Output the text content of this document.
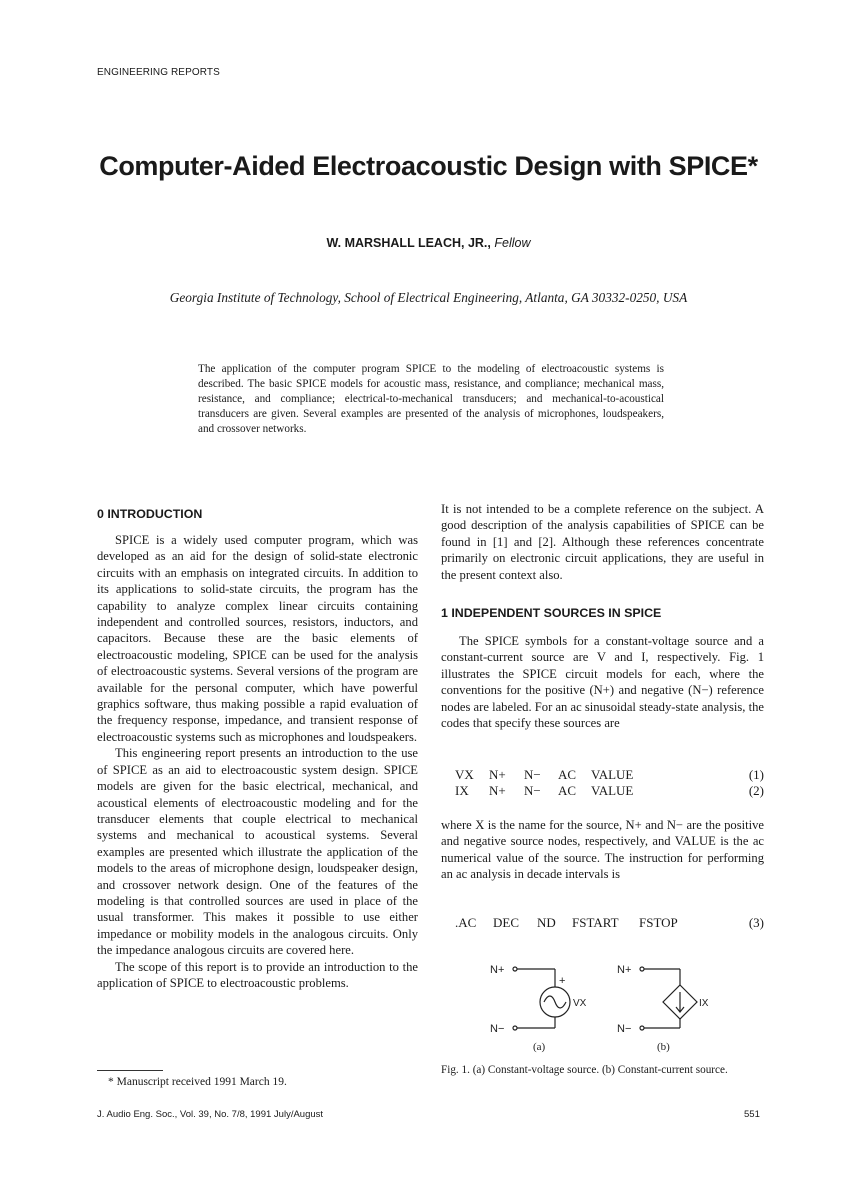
ENGINEERING REPORTS
Computer-Aided Electroacoustic Design with SPICE*
W. MARSHALL LEACH, JR., Fellow
Georgia Institute of Technology, School of Electrical Engineering, Atlanta, GA 30332-0250, USA
The application of the computer program SPICE to the modeling of electroacoustic systems is described. The basic SPICE models for acoustic mass, resistance, and compliance; mechanical mass, resistance, and compliance; electrical-to-mechanical transducers; and mechanical-to-acoustical transducers are given. Several examples are presented of the analysis of microphones, loudspeakers, and crossover networks.
0 INTRODUCTION

SPICE is a widely used computer program, which was developed as an aid for the design of solid-state electronic circuits with an emphasis on integrated circuits. In addition to its applications to solid-state circuits, the program has the capability to analyze complex linear circuits containing independent and controlled sources, resistors, inductors, and capacitors. Because these are the basic elements of electroacoustic modeling, SPICE can be used for the analysis of electroacoustic systems. Several versions of the program are available for the personal computer, which have powerful graphics software, thus making possible a rapid evaluation of the frequency response, impedance, and transient response of electroacoustic systems such as microphones and loudspeakers.

This engineering report presents an introduction to the use of SPICE as an aid to electroacoustic system design. SPICE models are given for the basic electrical, mechanical, and acoustical elements of electroacoustic modeling and for the transducer elements that couple electrical to mechanical systems and mechanical to acoustical systems. Several examples are presented which illustrate the application of the models to the areas of microphone design, loudspeaker design, and crossover network design. One of the features of the modeling is that controlled sources are used in place of the usual transformer. This makes it possible to use either impedance or mobility models in the analogous circuits. Only the impedance analogous circuits are covered here.

The scope of this report is to provide an introduction to the application of SPICE to electroacoustic problems.

* Manuscript received 1991 March 19.

It is not intended to be a complete reference on the subject. A good description of the analysis capabilities of SPICE can be found in [1] and [2]. Although these references concentrate primarily on electronic circuit applications, they are useful in the present context also.

1 INDEPENDENT SOURCES IN SPICE

The SPICE symbols for a constant-voltage source and a constant-current source are V and I, respectively. Fig. 1 illustrates the SPICE circuit models for each, where the conventions for the positive (N+) and negative (N−) reference nodes are labeled. For an ac sinusoidal steady-state analysis, the codes that specify these sources are

VX	N+	N−	AC	VALUE	(1)
IX	N+	N−	AC	VALUE	(2)

where X is the name for the source, N+ and N− are the positive and negative source nodes, respectively, and VALUE is the ac numerical value of the source. The instruction for performing an ac analysis in decade intervals is

.AC	DEC	ND	FSTART	FSTOP	(3)
N+
+
VX
N−
(a)
N+
IX
N−
(b)
Fig. 1. (a) Constant-voltage source. (b) Constant-current source.
J. Audio Eng. Soc., Vol. 39, No. 7/8, 1991 July/August	551
